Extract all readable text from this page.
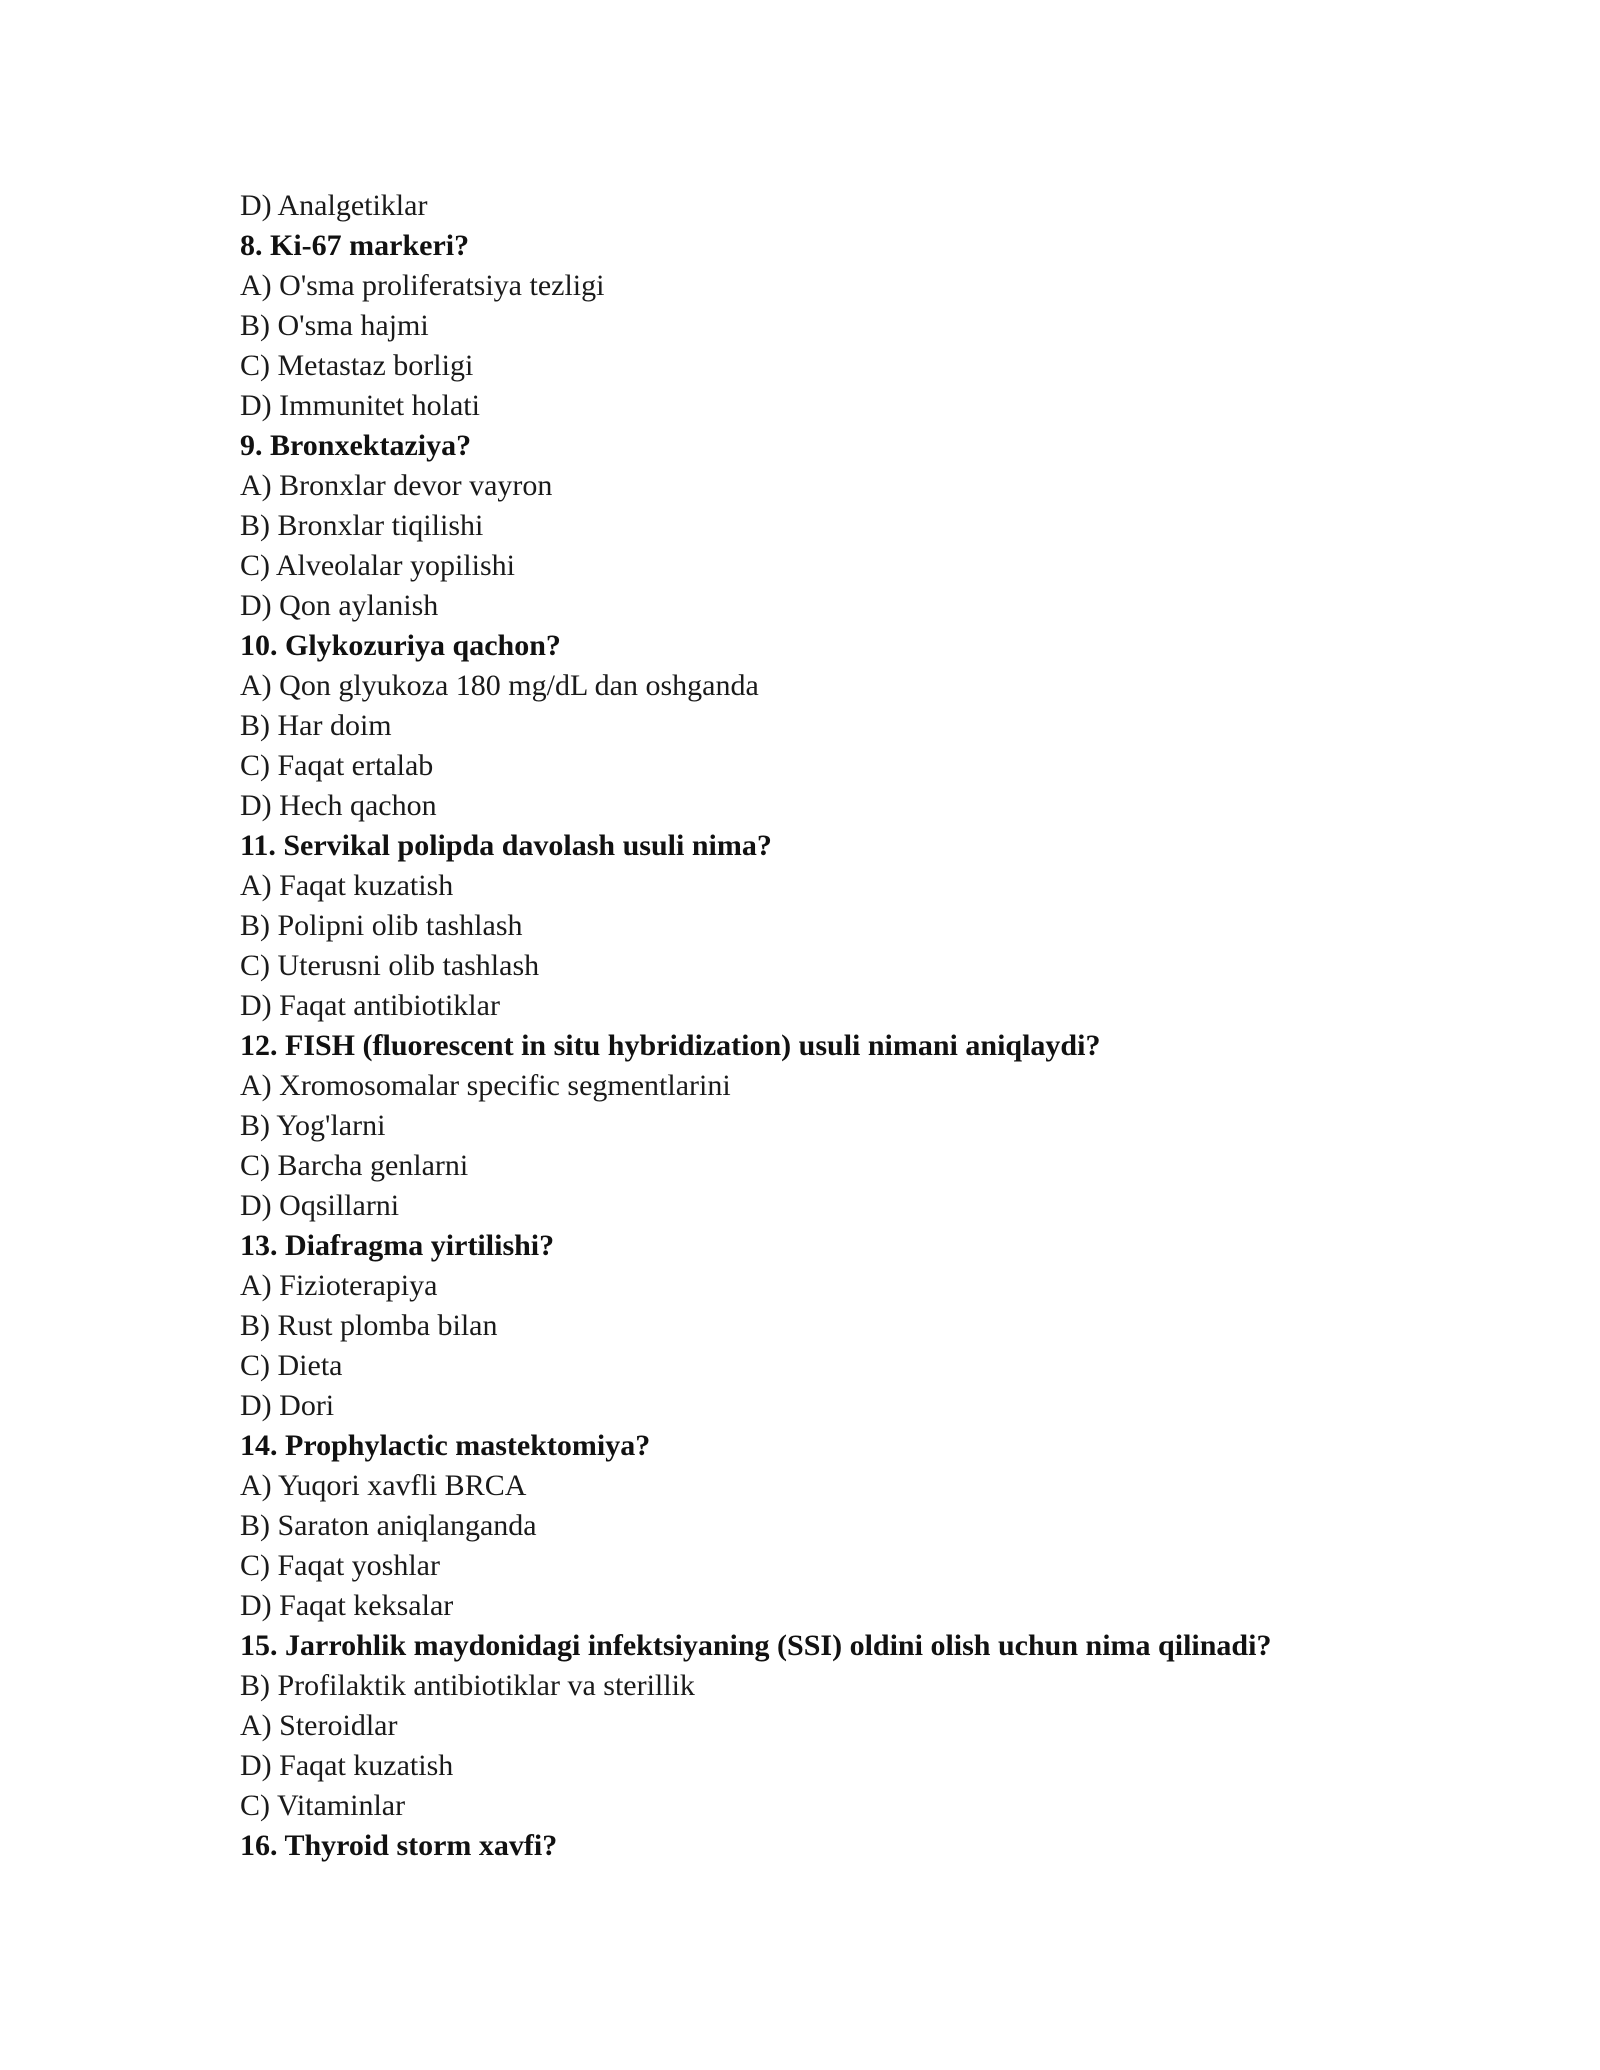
D) Analgetiklar
8. Ki-67 markeri?
A) O'sma proliferatsiya tezligi
B) O'sma hajmi
C) Metastaz borligi
D) Immunitet holati
9. Bronxektaziya?
A) Bronxlar devor vayron
B) Bronxlar tiqilishi
C) Alveolalar yopilishi
D) Qon aylanish
10. Glykozuriya qachon?
A) Qon glyukoza 180 mg/dL dan oshganda
B) Har doim
C) Faqat ertalab
D) Hech qachon
11. Servikal polipda davolash usuli nima?
A) Faqat kuzatish
B) Polipni olib tashlash
C) Uterusni olib tashlash
D) Faqat antibiotiklar
12. FISH (fluorescent in situ hybridization) usuli nimani aniqlaydi?
A) Xromosomalar specific segmentlarini
B) Yog'larni
C) Barcha genlarni
D) Oqsillarni
13. Diafragma yirtilishi?
A) Fizioterapiya
B) Rust plomba bilan
C) Dieta
D) Dori
14. Prophylactic mastektomiya?
A) Yuqori xavfli BRCA
B) Saraton aniqlanganda
C) Faqat yoshlar
D) Faqat keksalar
15. Jarrohlik maydonidagi infektsiyaning (SSI) oldini olish uchun nima qilinadi?
B) Profilaktik antibiotiklar va sterillik
A) Steroidlar
D) Faqat kuzatish
C) Vitaminlar
16. Thyroid storm xavfi?
